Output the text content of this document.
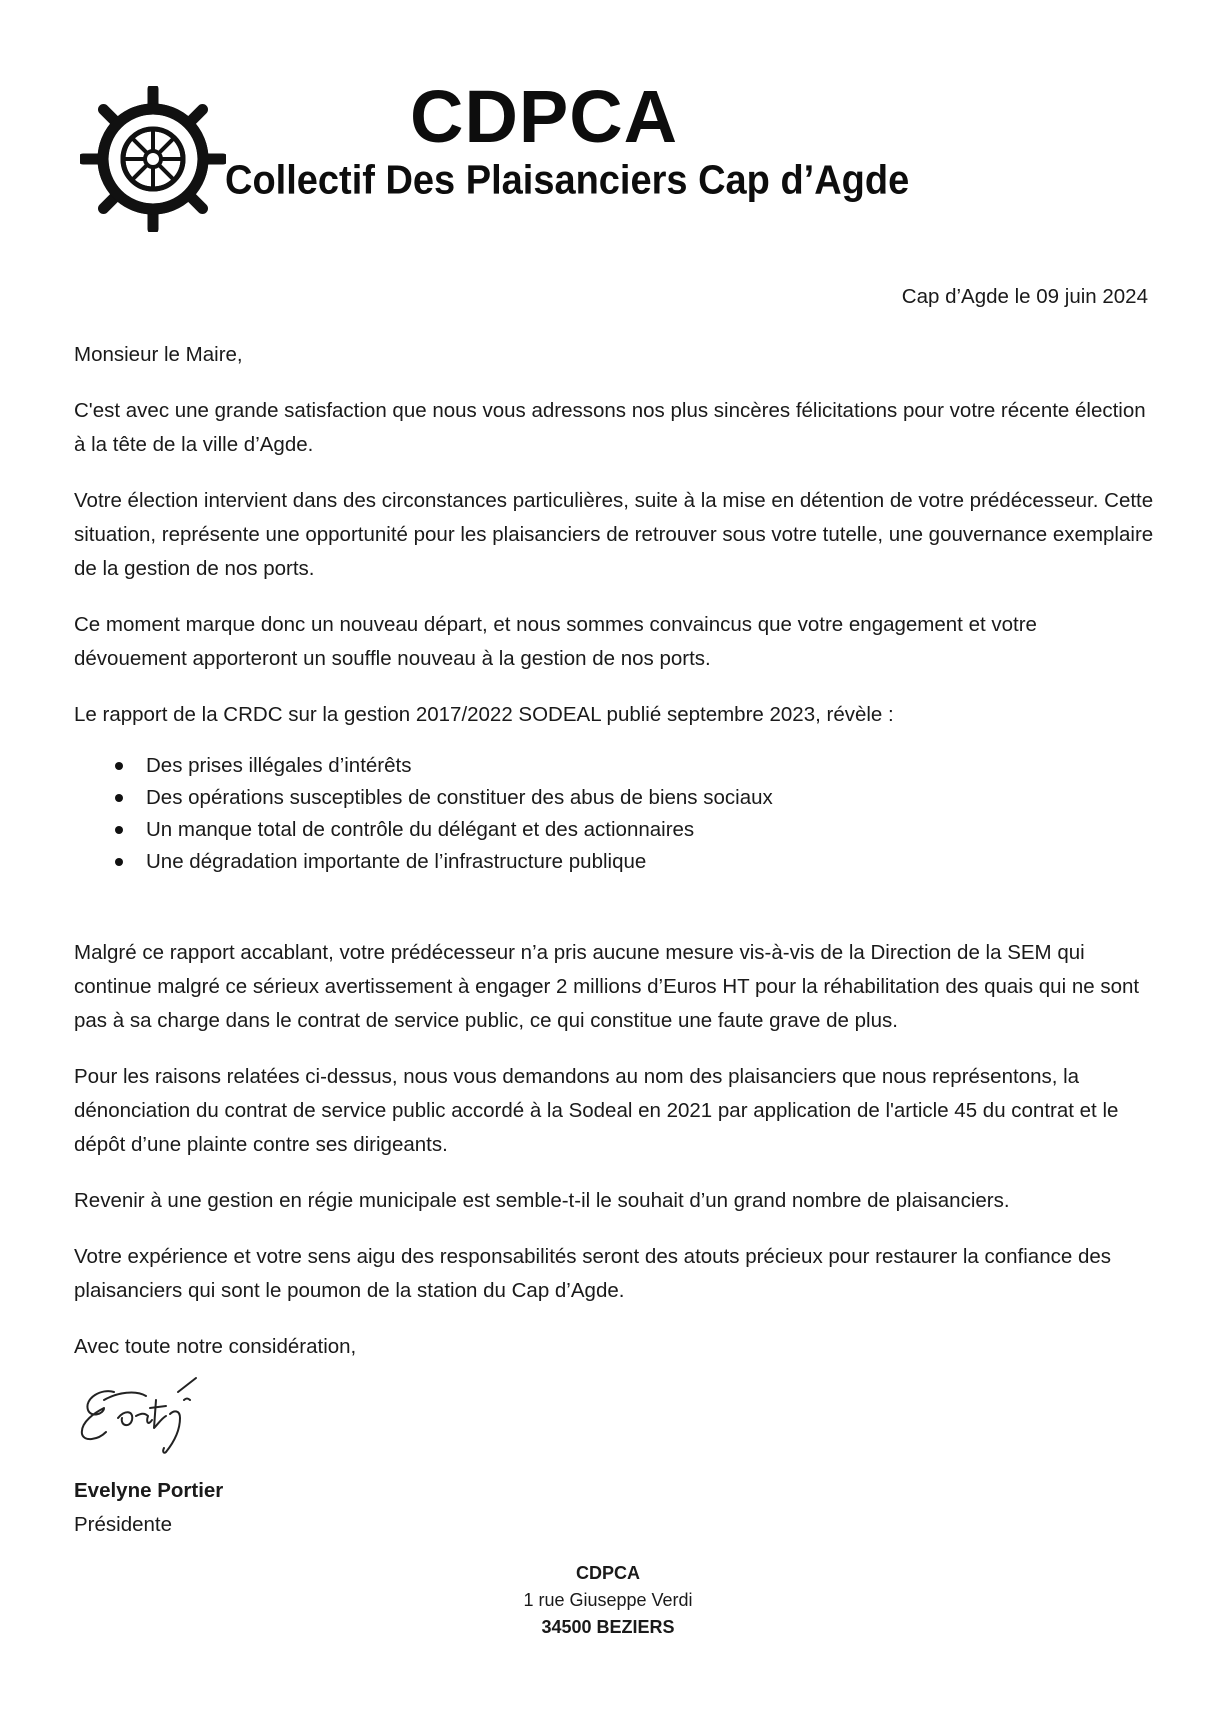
CDPCA
Collectif Des Plaisanciers Cap d’Agde
Cap d’Agde le 09 juin 2024

Monsieur le Maire,

C'est avec une grande satisfaction que nous vous adressons nos plus sincères félicitations pour votre récente élection à la tête de la ville d’Agde.

Votre élection intervient dans des circonstances particulières, suite à la mise en détention de votre prédécesseur. Cette situation, représente une opportunité pour les plaisanciers de retrouver sous votre tutelle, une gouvernance exemplaire de la gestion de nos ports.

Ce moment marque donc un nouveau départ, et nous sommes convaincus que votre engagement et votre dévouement apporteront un souffle nouveau à la gestion de nos ports.

Le rapport de la CRDC sur la gestion 2017/2022 SODEAL publié septembre 2023, révèle :

Des prises illégales d’intérêts
Des opérations susceptibles de constituer des abus de biens sociaux
Un manque total de contrôle du délégant et des actionnaires
Une dégradation importante de l’infrastructure publique

Malgré ce rapport accablant, votre prédécesseur n’a pris aucune mesure vis-à-vis de la Direction de la SEM qui continue malgré ce sérieux avertissement à engager 2 millions d’Euros HT pour la réhabilitation des quais qui ne sont pas à sa charge dans le contrat de service public, ce qui constitue une faute grave de plus.

Pour les raisons relatées ci-dessus, nous vous demandons au nom des plaisanciers que nous représentons, la dénonciation du contrat de service public accordé à la Sodeal en 2021 par application de l'article 45 du contrat et le dépôt d’une plainte contre ses dirigeants.

Revenir à une gestion en régie municipale est semble-t-il le souhait d’un grand nombre de plaisanciers.

Votre expérience et votre sens aigu des responsabilités seront des atouts précieux pour restaurer la confiance des plaisanciers qui sont le poumon de la station du Cap d’Agde.

Avec toute notre considération,

Evelyne Portier
Présidente
CDPCA
1 rue Giuseppe Verdi
34500 BEZIERS
